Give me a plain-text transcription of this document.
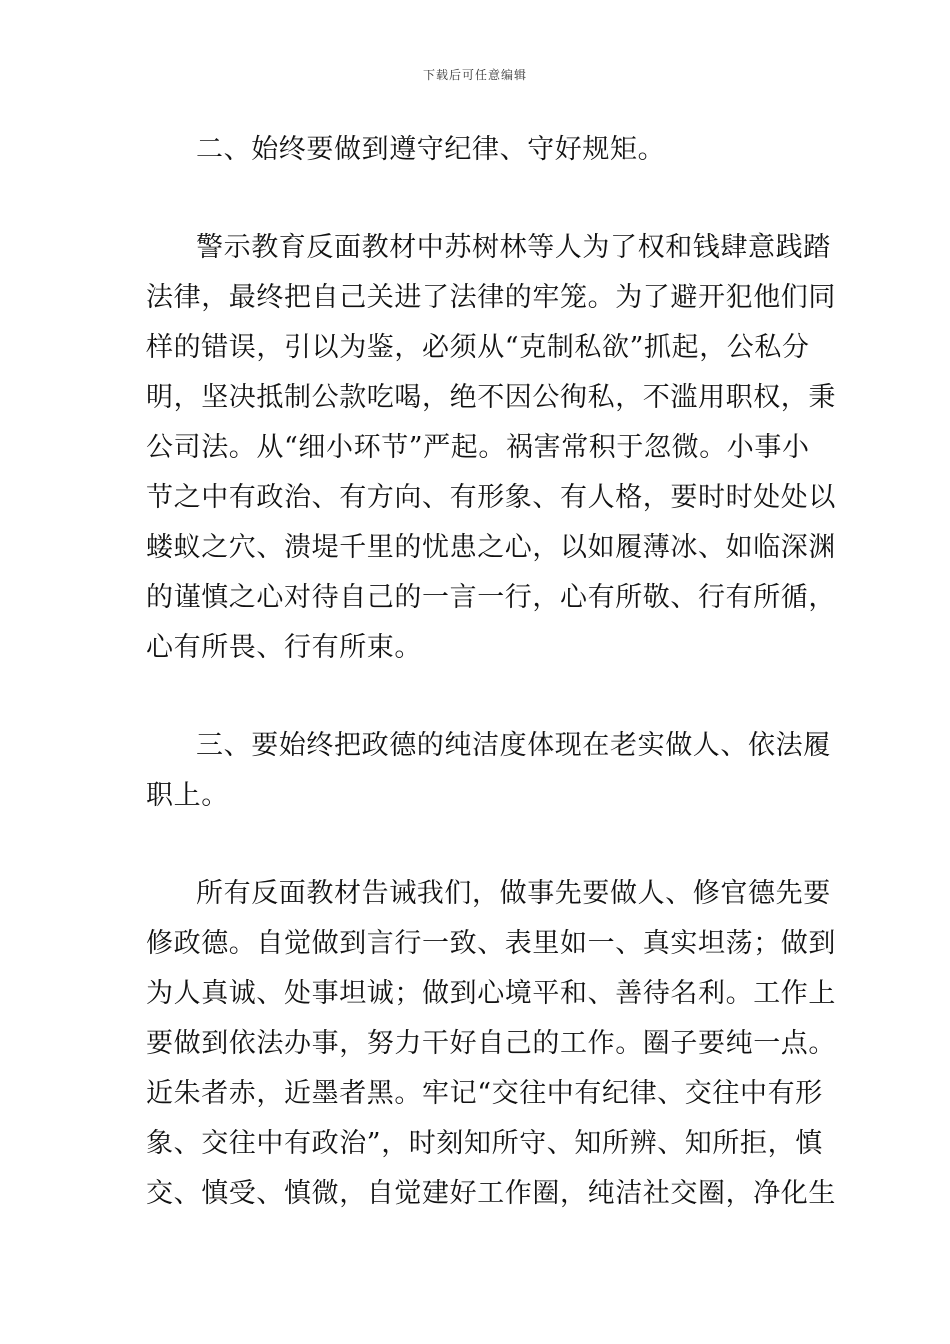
下载后可任意编辑
二、始终要做到遵守纪律、守好规矩。
警示教育反面教材中苏树林等人为了权和钱肆意践踏
法律，最终把自己关进了法律的牢笼。为了避开犯他们同
样的错误，引以为鉴，必须从“克制私欲”抓起，公私分
明，坚决抵制公款吃喝，绝不因公徇私，不滥用职权，秉
公司法。从“细小环节”严起。祸害常积于忽微。小事小
节之中有政治、有方向、有形象、有人格，要时时处处以
蝼蚁之穴、溃堤千里的忧患之心，以如履薄冰、如临深渊
的谨慎之心对待自己的一言一行，心有所敬、行有所循，
心有所畏、行有所束。
三、要始终把政德的纯洁度体现在老实做人、依法履
职上。
所有反面教材告诫我们，做事先要做人、修官德先要
修政德。自觉做到言行一致、表里如一、真实坦荡；做到
为人真诚、处事坦诚；做到心境平和、善待名利。工作上
要做到依法办事，努力干好自己的工作。圈子要纯一点。
近朱者赤，近墨者黑。牢记“交往中有纪律、交往中有形
象、交往中有政治”，时刻知所守、知所辨、知所拒，慎
交、慎受、慎微，自觉建好工作圈，纯洁社交圈，净化生
